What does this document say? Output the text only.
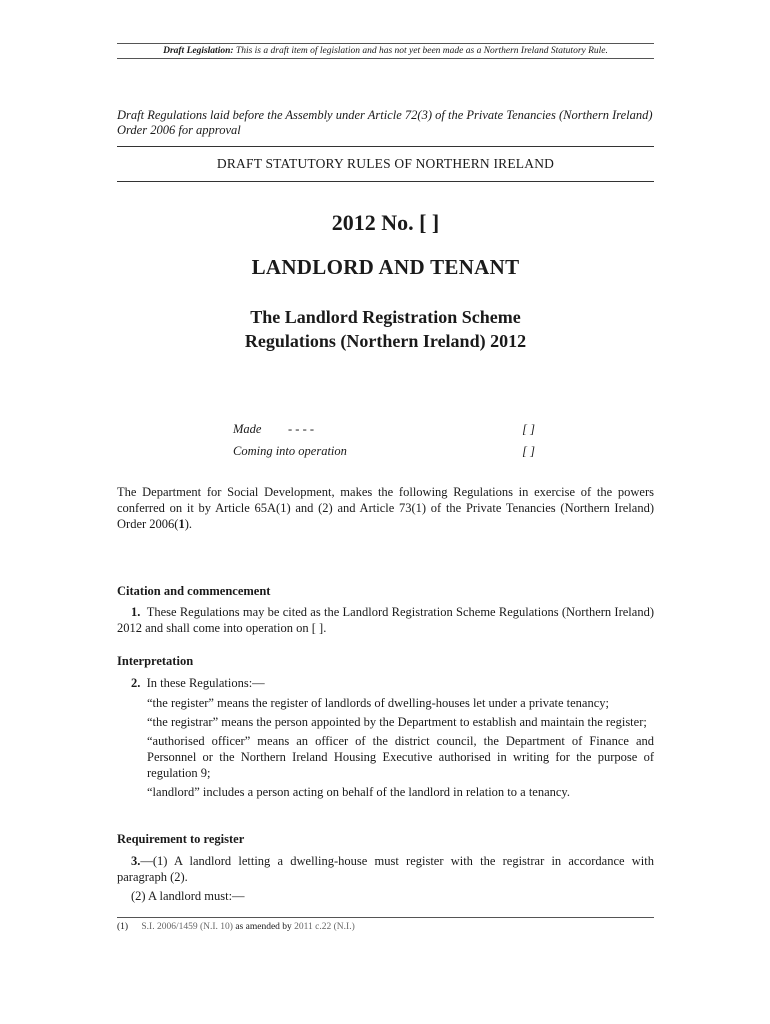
Draft Legislation: This is a draft item of legislation and has not yet been made as a Northern Ireland Statutory Rule.
Draft Regulations laid before the Assembly under Article 72(3) of the Private Tenancies (Northern Ireland) Order 2006 for approval
DRAFT STATUTORY RULES OF NORTHERN IRELAND
2012 No. [ ]
LANDLORD AND TENANT
The Landlord Registration Scheme
Regulations (Northern Ireland) 2012
Made - - - -	[ ]
Coming into operation	[ ]
The Department for Social Development, makes the following Regulations in exercise of the powers conferred on it by Article 65A(1) and (2) and Article 73(1) of the Private Tenancies (Northern Ireland) Order 2006(1).
Citation and commencement
1. These Regulations may be cited as the Landlord Registration Scheme Regulations (Northern Ireland) 2012 and shall come into operation on [ ].
Interpretation
2. In these Regulations:—

“the register” means the register of landlords of dwelling-houses let under a private tenancy;

“the registrar” means the person appointed by the Department to establish and maintain the register;

“authorised officer” means an officer of the district council, the Department of Finance and Personnel or the Northern Ireland Housing Executive authorised in writing for the purpose of regulation 9;

“landlord” includes a person acting on behalf of the landlord in relation to a tenancy.

Requirement to register
3.—(1) A landlord letting a dwelling-house must register with the registrar in accordance with paragraph (2).
(2) A landlord must:—
(1) S.I. 2006/1459 (N.I. 10) as amended by 2011 c.22 (N.I.)
